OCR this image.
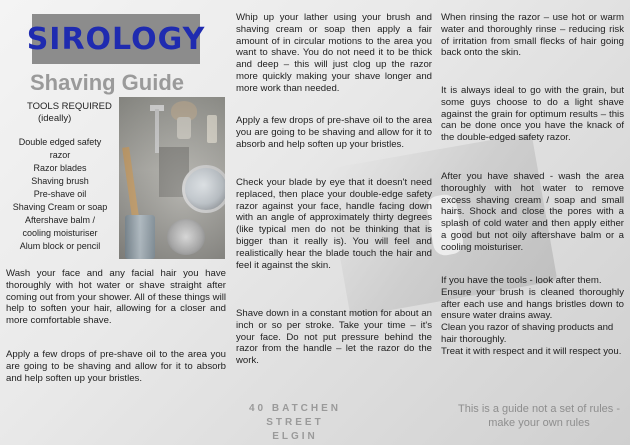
SIROLOGY
Shaving Guide
TOOLS REQUIRED
(ideally)
Double edged safety
razor
Razor blades
Shaving brush
Pre-shave oil
Shaving Cream or soap
Aftershave balm /
cooling moisturiser
Alum block or pencil

Wash your face and any facial hair you have thoroughly with hot water or shave straight after coming out from your shower. All of these things will help to soften your hair, allowing for a closer and more comfortable shave.

Apply a few drops of pre-shave oil to the area you are going to be shaving and allow for it to absorb and help soften up your bristles.

Whip up your lather using your brush and shaving cream or soap then apply a fair amount of in circular motions to the area you want to shave. You do not need it to be thick and deep – this will just clog up the razor more quickly making your shave longer and more work than needed.

Apply a few drops of pre-shave oil to the area you are going to be shaving and allow for it to absorb and help soften up your bristles.

Check your blade by eye that it doesn't need replaced, then place your double-edge safety razor against your face, handle facing down with an angle of approximately thirty degrees (like typical men do not be thinking that is bigger than it really is). You will feel and realistically hear the blade touch the hair and feel it against the skin.

Shave down in a constant motion for about an inch or so per stroke. Take your time – it's your face. Do not put pressure behind the razor from the handle – let the razor do the work.

When rinsing the razor – use hot or warm water and thoroughly rinse – reducing risk of irritation from small flecks of hair going back onto the skin.

It is always ideal to go with the grain, but some guys choose to do a light shave against the grain for optimum results – this can be done once you have the knack of the double-edged safety razor.

After you have shaved - wash the area thoroughly with hot water to remove excess shaving cream / soap and small hairs. Shock and close the pores with a splash of cold water and then apply either a good but not oily aftershave balm or a cooling moisturiser.

If you have the tools - look after them.
Ensure your brush is cleaned thoroughly after each use and hangs bristles down to ensure water drains away.
Clean you razor of shaving products and hair thoroughly.
Treat it with respect and it will respect you.
40 BATCHEN STREET
ELGIN
This is a guide not a set of rules - make your own rules
